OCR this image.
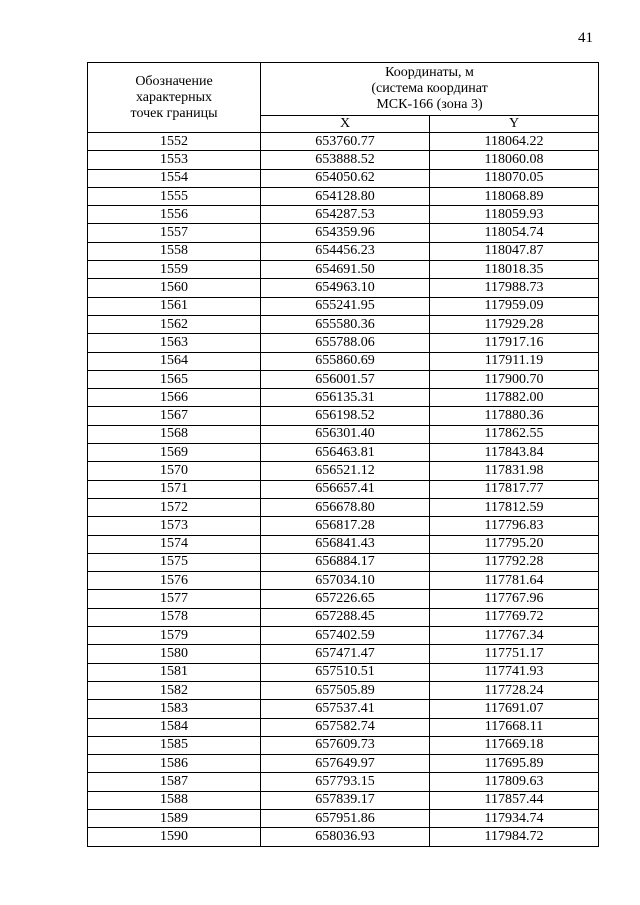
41
Обозначение
характерных
точек границы	Координаты, м
(система координат
МСК-166 (зона 3)	

	X	Y
1552	653760.77	118064.22
1553	653888.52	118060.08
1554	654050.62	118070.05
1555	654128.80	118068.89
1556	654287.53	118059.93
1557	654359.96	118054.74
1558	654456.23	118047.87
1559	654691.50	118018.35
1560	654963.10	117988.73
1561	655241.95	117959.09
1562	655580.36	117929.28
1563	655788.06	117917.16
1564	655860.69	117911.19
1565	656001.57	117900.70
1566	656135.31	117882.00
1567	656198.52	117880.36
1568	656301.40	117862.55
1569	656463.81	117843.84
1570	656521.12	117831.98
1571	656657.41	117817.77
1572	656678.80	117812.59
1573	656817.28	117796.83
1574	656841.43	117795.20
1575	656884.17	117792.28
1576	657034.10	117781.64
1577	657226.65	117767.96
1578	657288.45	117769.72
1579	657402.59	117767.34
1580	657471.47	117751.17
1581	657510.51	117741.93
1582	657505.89	117728.24
1583	657537.41	117691.07
1584	657582.74	117668.11
1585	657609.73	117669.18
1586	657649.97	117695.89
1587	657793.15	117809.63
1588	657839.17	117857.44
1589	657951.86	117934.74
1590	658036.93	117984.72
